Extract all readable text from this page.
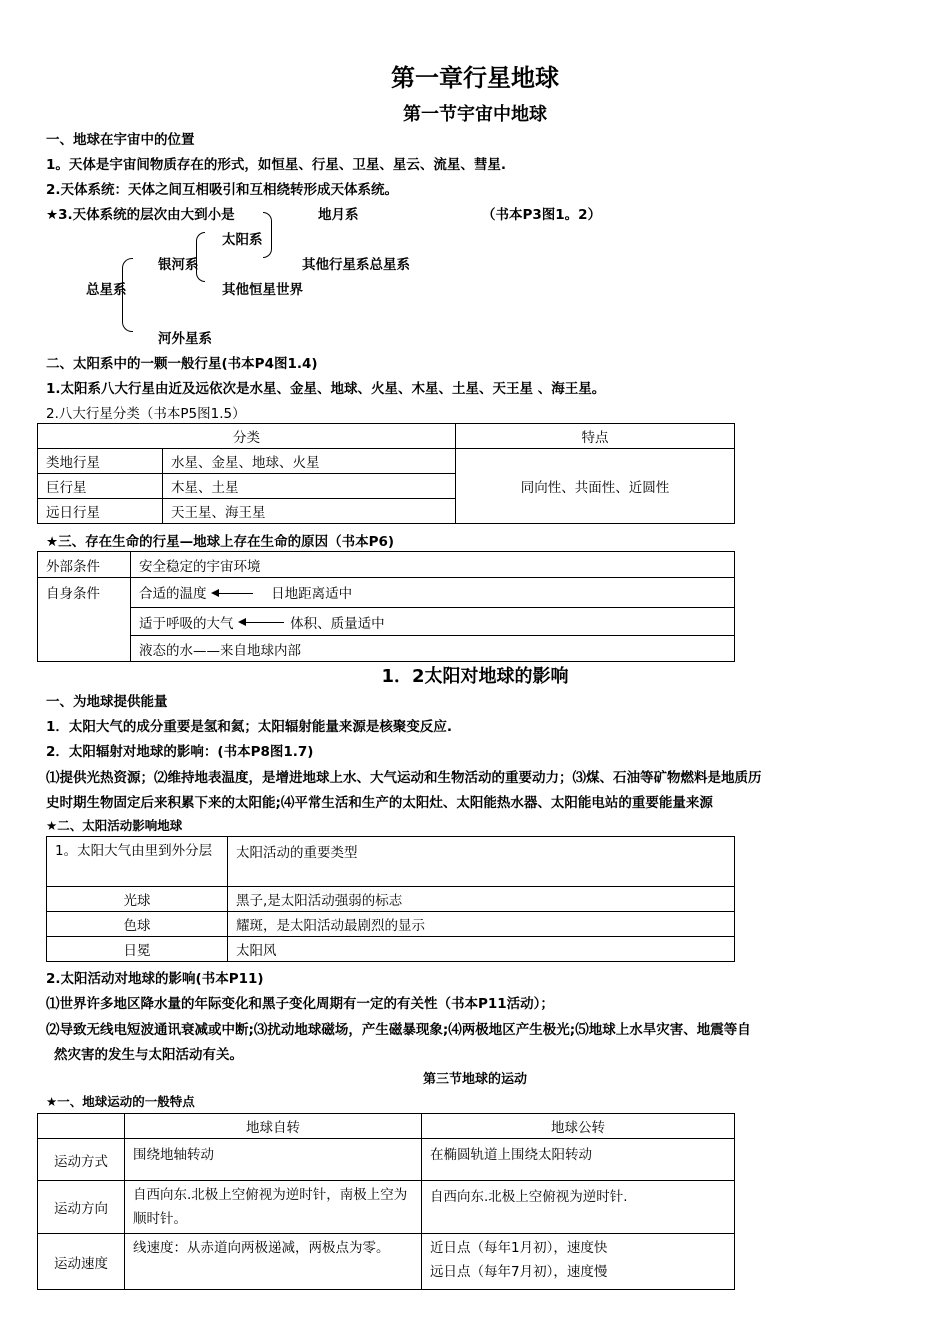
第一章行星地球
第一节宇宙中地球
一、地球在宇宙中的位置
1。天体是宇宙间物质存在的形式，如恒星、行星、卫星、星云、流星、彗星.
2.天体系统：天体之间互相吸引和互相绕转形成天体系统。
★3.天体系统的层次由大到小是	地月系	（书本P3图1。2）
太阳系
银河系	其他行星系总星系
总星系	其他恒星世界
河外星系
二、太阳系中的一颗一般行星(书本P4图1.4)
1.太阳系八大行星由近及远依次是水星、金星、地球、火星、木星、土星、天王星 、海王星。
2.八大行星分类（书本P5图1.5）
分类		特点
类地行星	水星、金星、地球、火星	同向性、共面性、近圆性
巨行星	木星、土星	
远日行星	天王星、海王星	
★三、存在生命的行星—地球上存在生命的原因（书本P6)
外部条件	安全稳定的宇宙环境
自身条件	合适的温度 日地距离适中
	适于呼吸的大气 体积、质量适中
	液态的水——来自地球内部
1．2太阳对地球的影响
一、为地球提供能量
1．太阳大气的成分重要是氢和氦；太阳辐射能量来源是核聚变反应.
2．太阳辐射对地球的影响：(书本P8图1.7)
⑴提供光热资源；⑵维持地表温度，是增进地球上水、大气运动和生物活动的重要动力；⑶煤、石油等矿物燃料是地质历
史时期生物固定后来积累下来的太阳能;⑷平常生活和生产的太阳灶、太阳能热水器、太阳能电站的重要能量来源
★二、太阳活动影响地球
1。太阳大气由里到外分层	太阳活动的重要类型
光球	黑子,是太阳活动强弱的标志
色球	耀斑，是太阳活动最剧烈的显示
日冕	太阳风
2.太阳活动对地球的影响(书本P11)
⑴世界许多地区降水量的年际变化和黑子变化周期有一定的有关性（书本P11活动）；
⑵导致无线电短波通讯衰减或中断;⑶扰动地球磁场，产生磁暴现象;⑷两极地区产生极光;⑸地球上水旱灾害、地震等自
然灾害的发生与太阳活动有关。
第三节地球的运动
★一、地球运动的一般特点
	地球自转	地球公转
运动方式	围绕地轴转动	在椭圆轨道上围绕太阳转动
运动方向	自西向东.北极上空俯视为逆时针，南极上空为顺时针。	自西向东.北极上空俯视为逆时针.
运动速度	线速度：从赤道向两极递减，两极点为零。	近日点（每年1月初），速度快
远日点（每年7月初），速度慢
